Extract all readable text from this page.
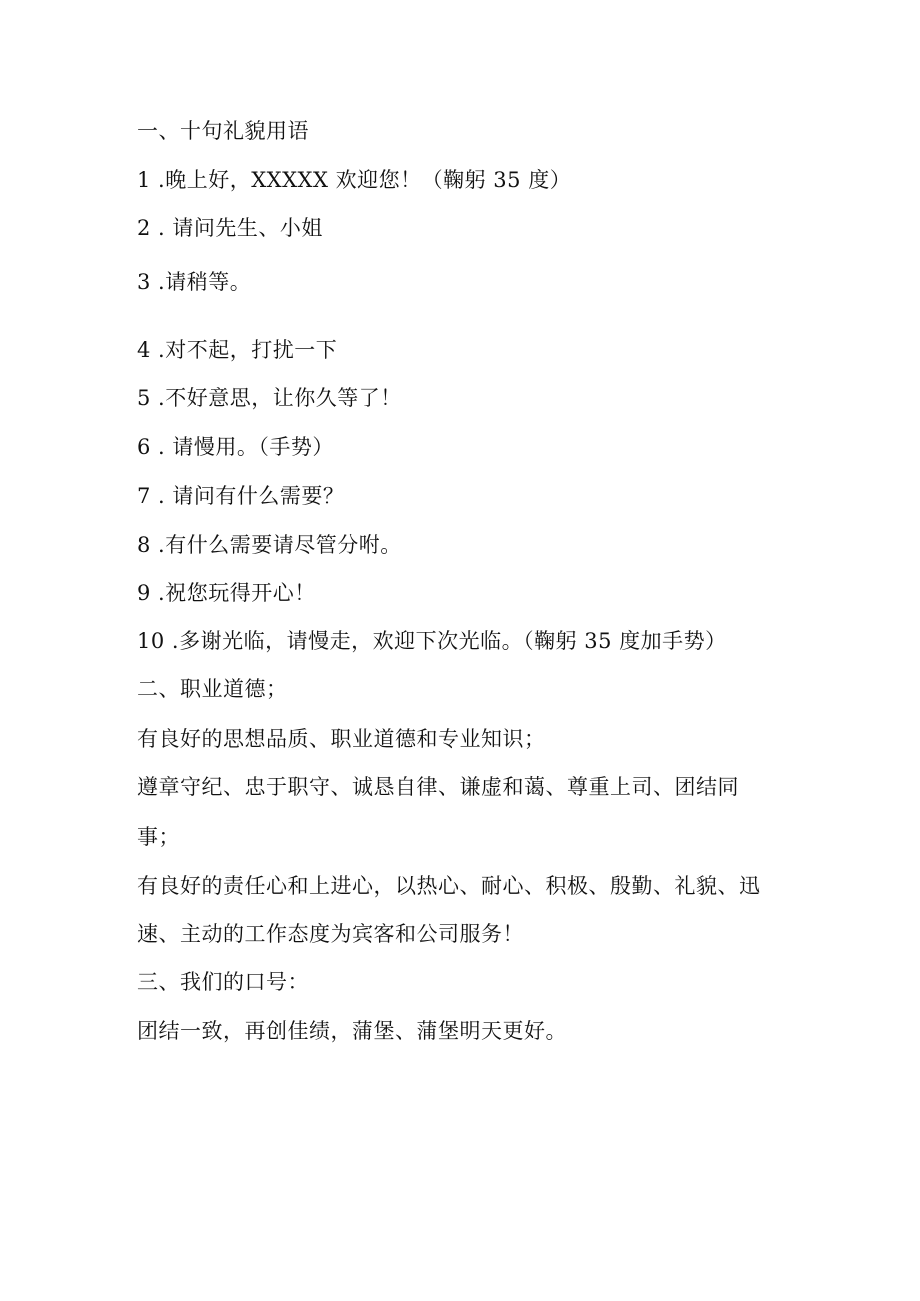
一、十句礼貌用语
1 .晚上好，XXXXX 欢迎您！（鞠躬 35 度）
2 . 请问先生、小姐
3 .请稍等。
4 .对不起，打扰一下
5 .不好意思，让你久等了！
6 . 请慢用。（手势）
7 . 请问有什么需要？
8 .有什么需要请尽管分咐。
9 .祝您玩得开心！
10 .多谢光临，请慢走，欢迎下次光临。（鞠躬 35 度加手势）
二、职业道德；
有良好的思想品质、职业道德和专业知识；
遵章守纪、忠于职守、诚恳自律、谦虚和蔼、尊重上司、团结同
事；
有良好的责任心和上进心，以热心、耐心、积极、殷勤、礼貌、迅
速、主动的工作态度为宾客和公司服务！
三、我们的口号：
团结一致，再创佳绩，蒲堡、蒲堡明天更好。
